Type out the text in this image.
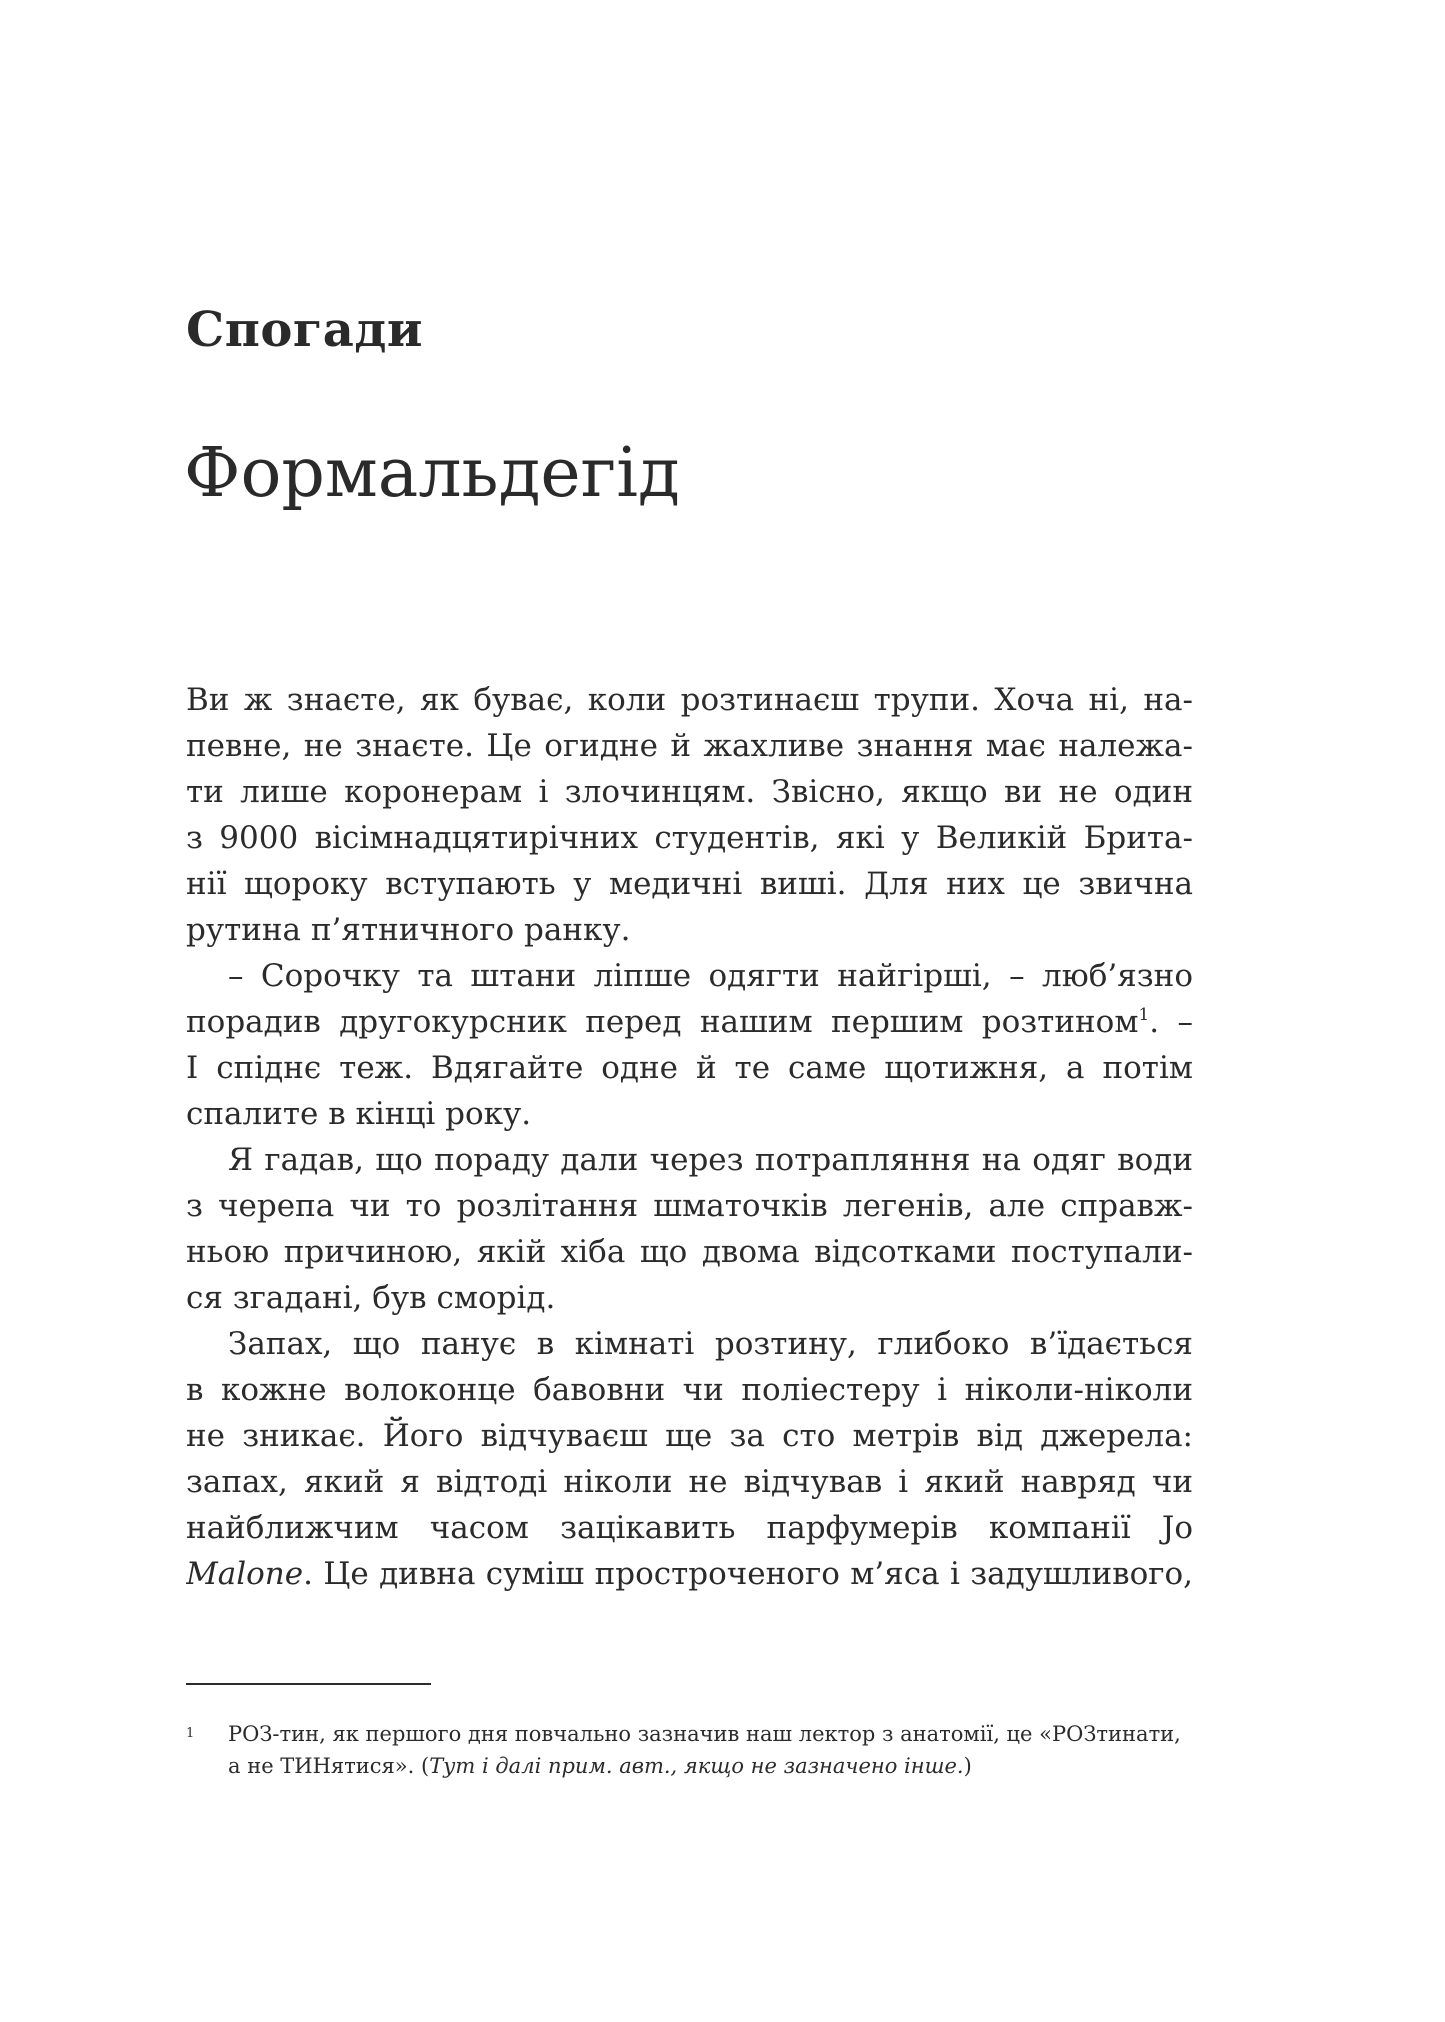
Спогади
Формальдегід
Ви ж знаєте, як буває, коли розтинаєш трупи. Хоча ні, на-
певне, не знаєте. Це огидне й жахливе знання має належа-
ти лише коронерам і злочинцям. Звісно, якщо ви не один
з 9000 вісімнадцятирічних студентів, які у Великій Брита-
нії щороку вступають у медичні виші. Для них це звична
рутина п’ятничного ранку.
– Сорочку та штани ліпше одягти найгірші, – люб’язно
порадив другокурсник перед нашим першим розтином$^1$. –
І спіднє теж. Вдягайте одне й те саме щотижня, а потім
спалите в кінці року.
Я гадав, що пораду дали через потрапляння на одяг води
з черепа чи то розлітання шматочків легенів, але справж-
ньою причиною, якій хіба що двома відсотками поступали-
ся згадані, був сморід.
Запах, що панує в кімнаті розтину, глибоко в’їдається
в кожне волоконце бавовни чи поліестеру і ніколи-ніколи
не зникає. Його відчуваєш ще за сто метрів від джерела:
запах, який я відтоді ніколи не відчував і який навряд чи
найближчим часом зацікавить парфумерів компанії Jo
Malone. Це дивна суміш простроченого м’яса і задушливого,
1	РОЗ-тин, як першого дня повчально зазначив наш лектор з анатомії, це «РОЗтинати,
а не ТИНятися». (Тут і далі прим. авт., якщо не зазначено інше.)
